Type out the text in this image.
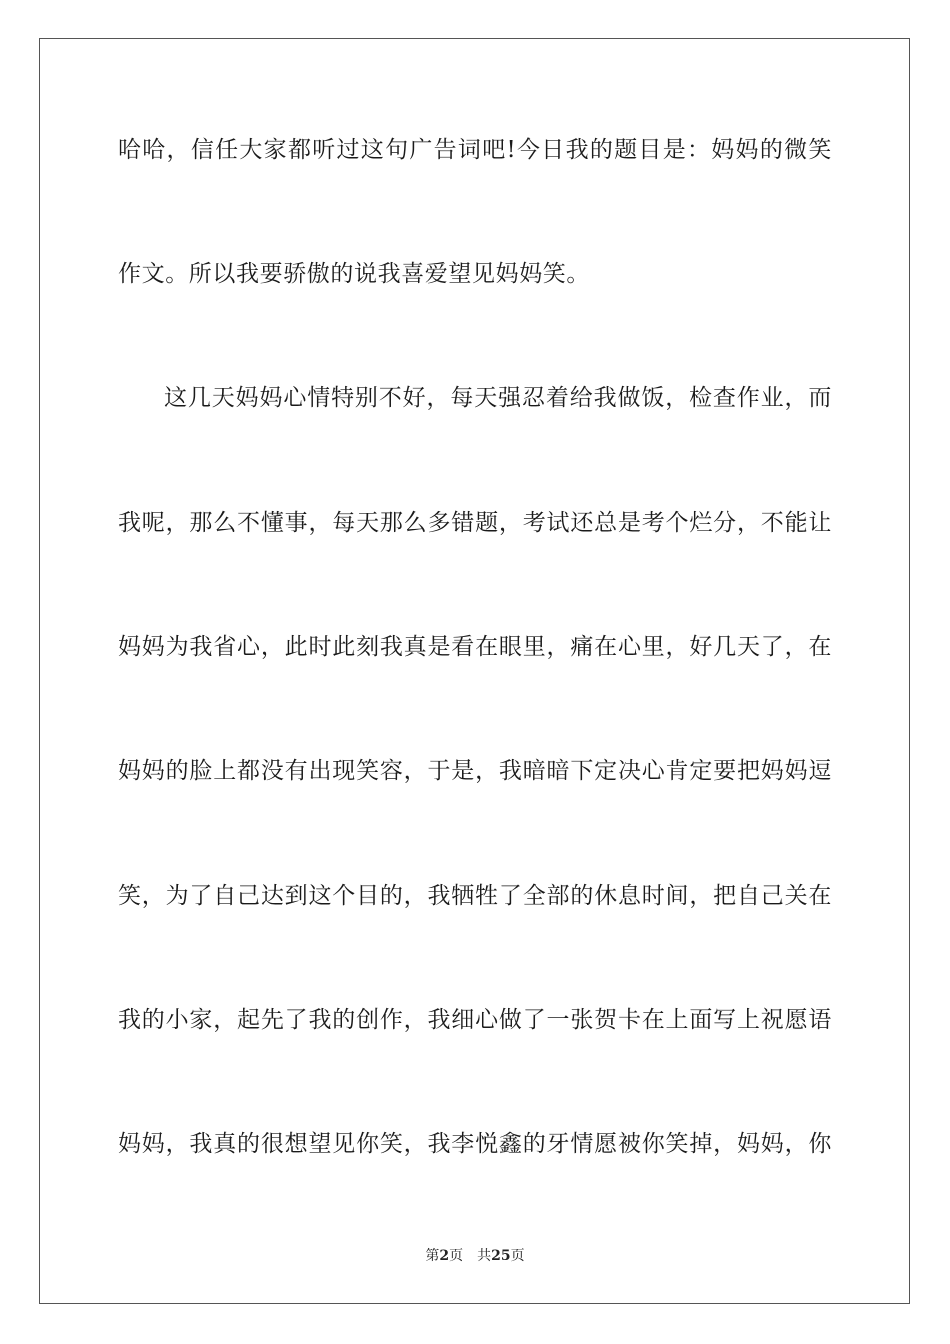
哈哈，信任大家都听过这句广告词吧!今日我的题目是：妈妈的微笑
作文。所以我要骄傲的说我喜爱望见妈妈笑。
这几天妈妈心情特别不好，每天强忍着给我做饭，检查作业，而
我呢，那么不懂事，每天那么多错题，考试还总是考个烂分，不能让
妈妈为我省心，此时此刻我真是看在眼里，痛在心里，好几天了，在
妈妈的脸上都没有出现笑容，于是，我暗暗下定决心肯定要把妈妈逗
笑，为了自己达到这个目的，我牺牲了全部的休息时间，把自己关在
我的小家，起先了我的创作，我细心做了一张贺卡在上面写上祝愿语
妈妈，我真的很想望见你笑，我李悦鑫的牙情愿被你笑掉，妈妈，你
第2页 共25页
